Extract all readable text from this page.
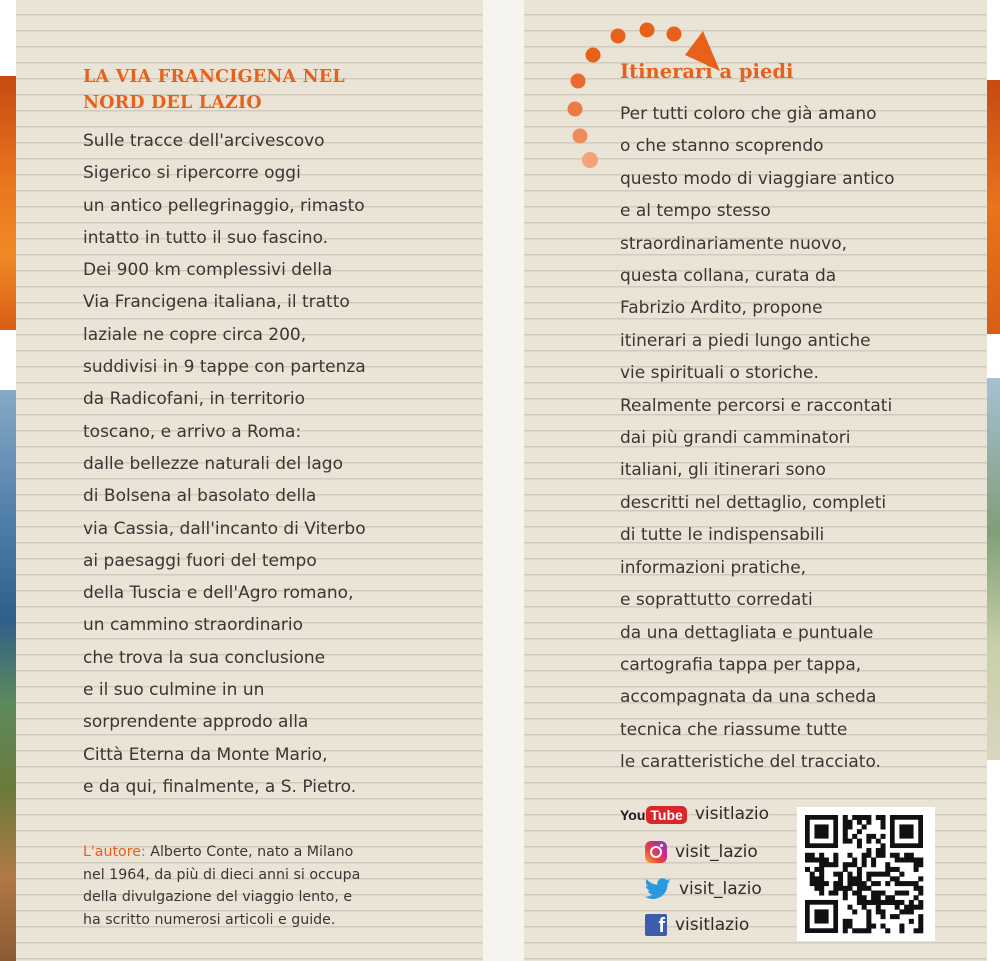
LA VIA FRANCIGENA NEL
NORD DEL LAZIO
Sulle tracce dell'arcivescovo
Sigerico si ripercorre oggi
un antico pellegrinaggio, rimasto
intatto in tutto il suo fascino.
Dei 900 km complessivi della
Via Francigena italiana, il tratto
laziale ne copre circa 200,
suddivisi in 9 tappe con partenza
da Radicofani, in territorio
toscano, e arrivo a Roma:
dalle bellezze naturali del lago
di Bolsena al basolato della
via Cassia, dall'incanto di Viterbo
ai paesaggi fuori del tempo
della Tuscia e dell'Agro romano,
un cammino straordinario
che trova la sua conclusione
e il suo culmine in un
sorprendente approdo alla
Città Eterna da Monte Mario,
e da qui, finalmente, a S. Pietro.
L'autore: Alberto Conte, nato a Milano
nel 1964, da più di dieci anni si occupa
della divulgazione del viaggio lento, e
ha scritto numerosi articoli e guide.
Itinerari a piedi
Per tutti coloro che già amano
o che stanno scoprendo
questo modo di viaggiare antico
e al tempo stesso
straordinariamente nuovo,
questa collana, curata da
Fabrizio Ardito, propone
itinerari a piedi lungo antiche
vie spirituali o storiche.
Realmente percorsi e raccontati
dai più grandi camminatori
italiani, gli itinerari sono
descritti nel dettaglio, completi
di tutte le indispensabili
informazioni pratiche,
e soprattutto corredati
da una dettagliata e puntuale
cartografia tappa per tappa,
accompagnata da una scheda
tecnica che riassume tutte
le caratteristiche del tracciato.
You Tube visitlazio
visit_lazio
visit_lazio
f visitlazio
